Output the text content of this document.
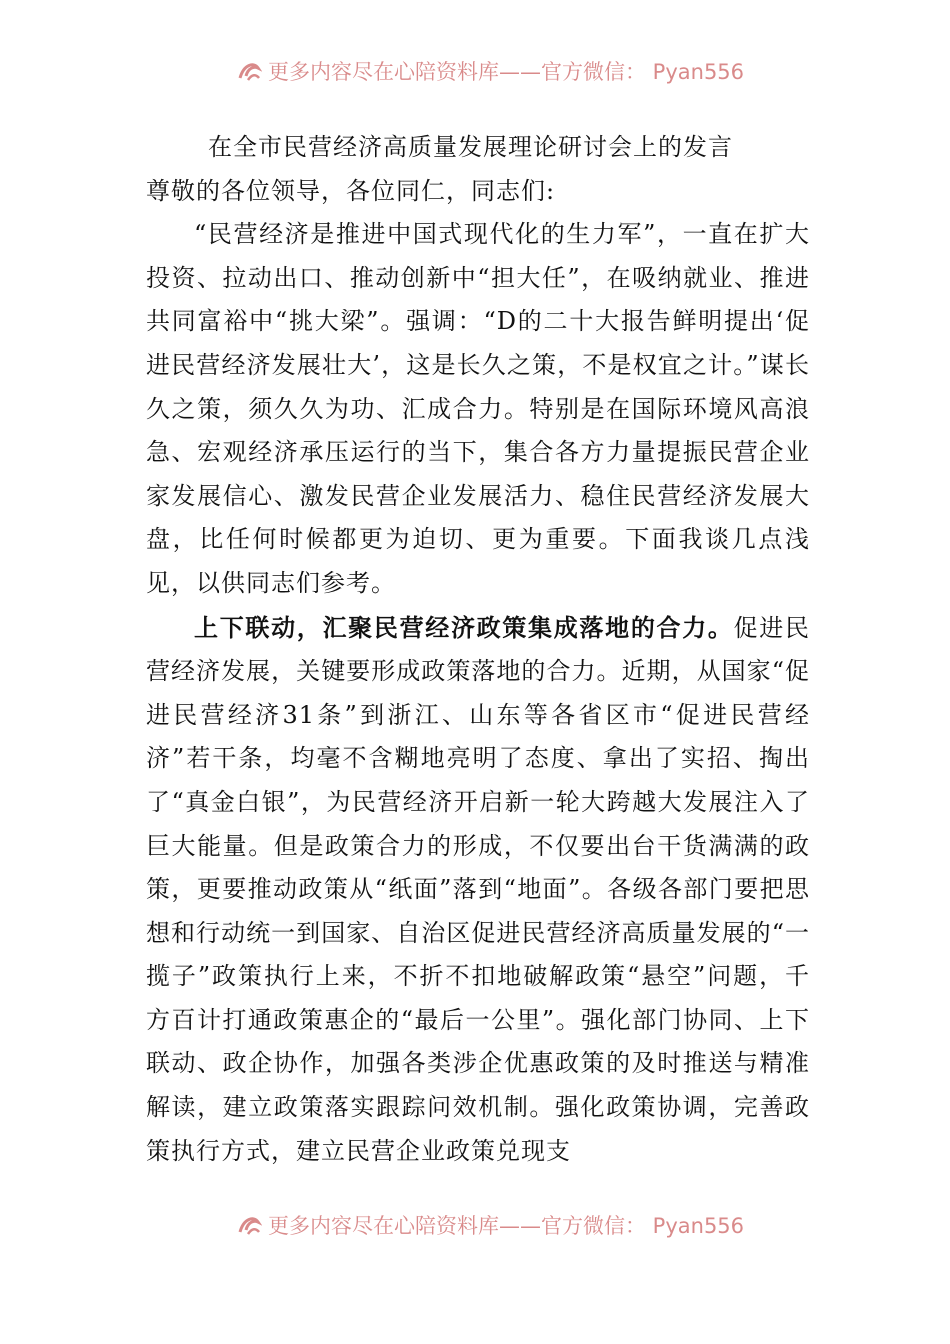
更多内容尽在心陪资料库——官方微信： Pyan556

在全市民营经济高质量发展理论研讨会上的发言

尊敬的各位领导，各位同仁，同志们:

“民营经济是推进中国式现代化的生力军”，一直在扩大投资、拉动出口、推动创新中“担大任”，在吸纳就业、推进共同富裕中“挑大梁”。强调：“D的二十大报告鲜明提出‘促进民营经济发展壮大’，这是长久之策，不是权宜之计。”谋长久之策，须久久为功、汇成合力。特别是在国际环境风高浪急、宏观经济承压运行的当下，集合各方力量提振民营企业家发展信心、激发民营企业发展活力、稳住民营经济发展大盘，比任何时候都更为迫切、更为重要。下面我谈几点浅见，以供同志们参考。

上下联动，汇聚民营经济政策集成落地的合力。促进民营经济发展，关键要形成政策落地的合力。近期，从国家“促进民营经济31条”到浙江、山东等各省区市“促进民营经济”若干条，均毫不含糊地亮明了态度、拿出了实招、掏出了“真金白银”，为民营经济开启新一轮大跨越大发展注入了巨大能量。但是政策合力的形成，不仅要出台干货满满的政策，更要推动政策从“纸面”落到“地面”。各级各部门要把思想和行动统一到国家、自治区促进民营经济高质量发展的“一揽子”政策执行上来，不折不扣地破解政策“悬空”问题，千方百计打通政策惠企的“最后一公里”。强化部门协同、上下联动、政企协作，加强各类涉企优惠政策的及时推送与精准解读，建立政策落实跟踪问效机制。强化政策协调，完善政策执行方式，建立民营企业政策兑现支

更多内容尽在心陪资料库——官方微信： Pyan556
